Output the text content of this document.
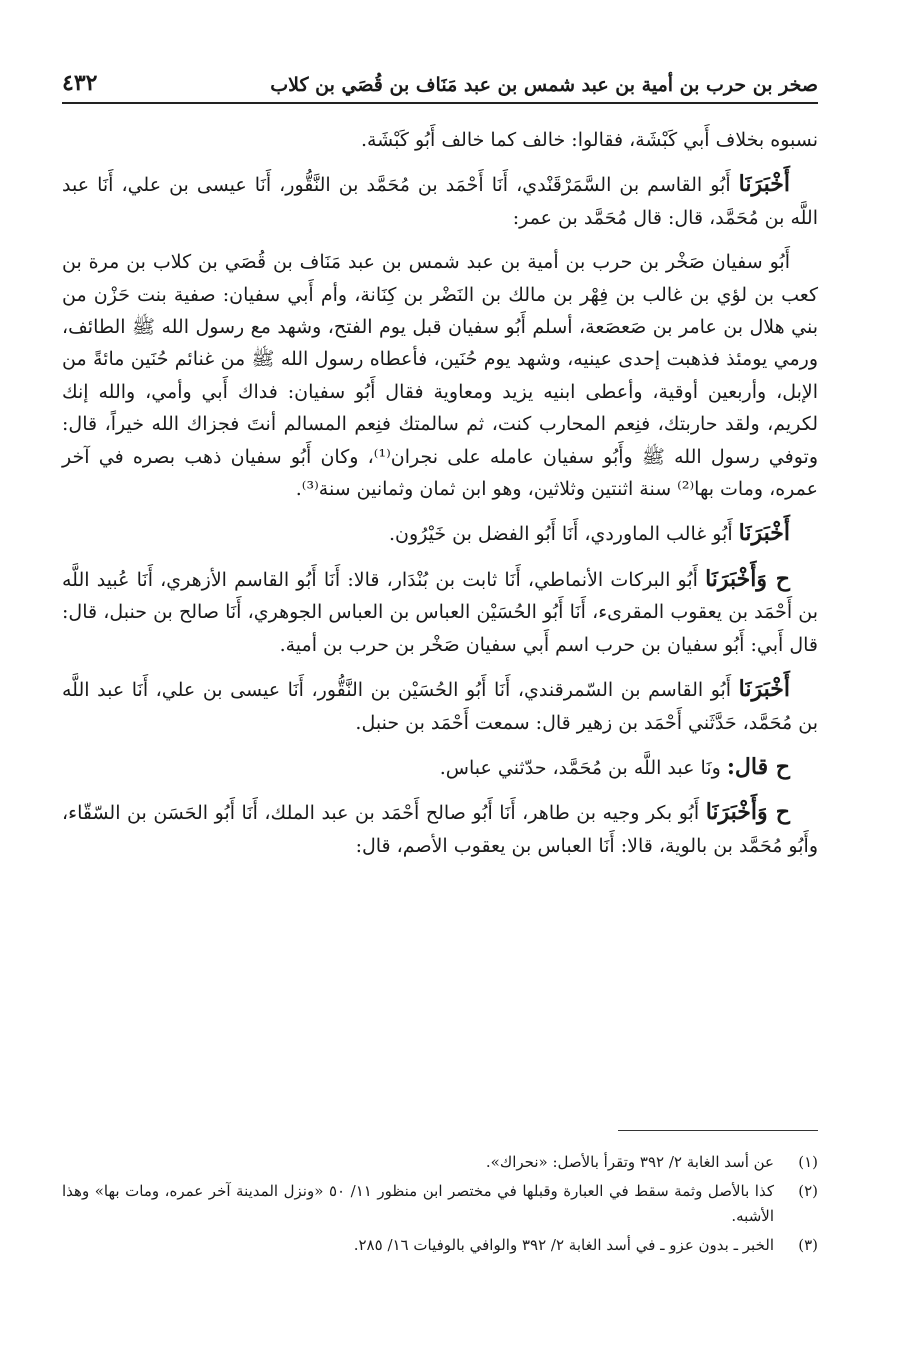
صخر بن حرب بن أمية بن عبد شمس بن عبد مَنَاف بن قُصَي بن كلاب
٤٣٢

نسبوه بخلاف أَبي كَبْشَة، فقالوا: خالف كما خالف أَبُو كَبْشَة.

أَخْبَرَنَا أَبُو القاسم بن السَّمَرْقَنْدي، أَنَا أَحْمَد بن مُحَمَّد بن النَّقُّور، أَنَا عيسى بن علي، أَنَا عبد اللَّه بن مُحَمَّد، قال: قال مُحَمَّد بن عمر:

أَبُو سفيان صَخْر بن حرب بن أمية بن عبد شمس بن عبد مَنَاف بن قُصَي بن كلاب بن مرة بن كعب بن لؤي بن غالب بن فِهْر بن مالك بن النَضْر بن كِنَانة، وأم أَبي سفيان: صفية بنت حَزْن من بني هلال بن عامر بن صَعصَعة، أسلم أَبُو سفيان قبل يوم الفتح، وشهد مع رسول الله ﷺ الطائف، ورمي يومئذ فذهبت إحدى عينيه، وشهد يوم حُنَين، فأعطاه رسول الله ﷺ من غنائم حُنَين مائةً من الإبل، وأربعين أوقية، وأعطى ابنيه يزيد ومعاوية فقال أَبُو سفيان: فداك أَبي وأمي، والله إنك لكريم، ولقد حاربتك، فنِعم المحارب كنت، ثم سالمتك فنِعم المسالم أنتَ فجزاك الله خيراً، قال: وتوفي رسول الله ﷺ وأَبُو سفيان عامله على نجران⁽¹⁾، وكان أَبُو سفيان ذهب بصره في آخر عمره، ومات بها⁽²⁾ سنة اثنتين وثلاثين، وهو ابن ثمان وثمانين سنة⁽³⁾.

أَخْبَرَنَا أَبُو غالب الماوردي، أَنَا أَبُو الفضل بن خَيْرُون.

ح وَأَخْبَرَنَا أَبُو البركات الأنماطي، أَنَا ثابت بن بُنْدَار، قالا: أَنَا أَبُو القاسم الأزهري، أَنَا عُبيد اللَّه بن أَحْمَد بن يعقوب المقرىء، أَنَا أَبُو الحُسَيْن العباس بن العباس الجوهري، أَنَا صالح بن حنبل، قال: قال أَبي: أَبُو سفيان بن حرب اسم أَبي سفيان صَخْر بن حرب بن أمية.

أَخْبَرَنَا أَبُو القاسم بن السّمرقندي، أَنَا أَبُو الحُسَيْن بن النَّقُّور، أَنَا عيسى بن علي، أَنَا عبد اللَّه بن مُحَمَّد، حَدَّثَني أَحْمَد بن زهير قال: سمعت أَحْمَد بن حنبل.

ح قال: ونَا عبد اللَّه بن مُحَمَّد، حدّثني عباس.

ح وَأَخْبَرَنَا أَبُو بكر وجيه بن طاهر، أَنَا أَبُو صالح أَحْمَد بن عبد الملك، أَنَا أَبُو الحَسَن بن السّقّاء، وأَبُو مُحَمَّد بن بالوية، قالا: أَنَا العباس بن يعقوب الأصم، قال:

(١)
عن أسد الغابة ٢/ ٣٩٢ وتقرأ بالأصل: «نحراك».
(٢)
كذا بالأصل وثمة سقط في العبارة وقبلها في مختصر ابن منظور ١١/ ٥٠ «ونزل المدينة آخر عمره، ومات بها» وهذا الأشبه.
(٣)
الخبر ـ بدون عزو ـ في أسد الغابة ٢/ ٣٩٢ والوافي بالوفيات ١٦/ ٢٨٥.
